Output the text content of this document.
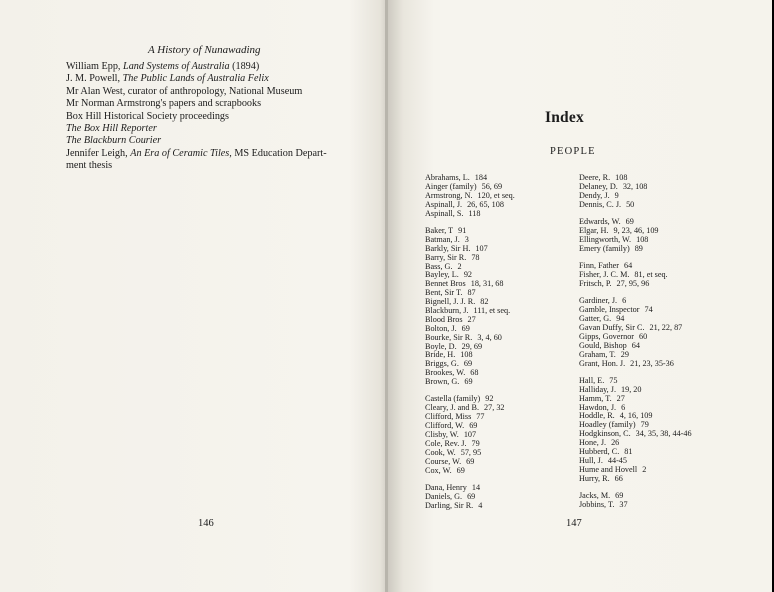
A History of Nunawading
William Epp, Land Systems of Australia (1894)
J. M. Powell, The Public Lands of Australia Felix
Mr Alan West, curator of anthropology, National Museum
Mr Norman Armstrong's papers and scrapbooks
Box Hill Historical Society proceedings
The Box Hill Reporter
The Blackburn Courier
Jennifer Leigh, An Era of Ceramic Tiles, MS Education Depart-
ment thesis
146
Index
PEOPLE
Abrahams, L. 184
Ainger (family) 56, 69
Armstrong, N. 120, et seq.
Aspinall, J. 26, 65, 108
Aspinall, S. 118
Baker, T 91
Batman, J. 3
Barkly, Sir H. 107
Barry, Sir R. 78
Bass, G. 2
Bayley, L. 92
Bennet Bros 18, 31, 68
Bent, Sir T. 87
Bignell, J. J. R. 82
Blackburn, J. 111, et seq.
Blood Bros 27
Bolton, J. 69
Bourke, Sir R. 3, 4, 60
Boyle, D. 29, 69
Bride, H. 108
Briggs, G. 69
Brookes, W. 68
Brown, G. 69
Castella (family) 92
Cleary, J. and B. 27, 32
Clifford, Miss 77
Clifford, W. 69
Clisby, W. 107
Cole, Rev. J. 79
Cook, W. 57, 95
Course, W. 69
Cox, W. 69
Dana, Henry 14
Daniels, G. 69
Darling, Sir R. 4
Deere, R. 108
Delaney, D. 32, 108
Dendy, J. 9
Dennis, C. J. 50
Edwards, W. 69
Elgar, H. 9, 23, 46, 109
Ellingworth, W. 108
Emery (family) 89
Finn, Father 64
Fisher, J. C. M. 81, et seq.
Fritsch, P. 27, 95, 96
Gardiner, J. 6
Gamble, Inspector 74
Gatter, G. 94
Gavan Duffy, Sir C. 21, 22, 87
Gipps, Governor 60
Gould, Bishop 64
Graham, T. 29
Grant, Hon. J. 21, 23, 35-36
Hall, E. 75
Halliday, J. 19, 20
Hamm, T. 27
Hawdon, J. 6
Hoddle, R. 4, 16, 109
Hoadley (family) 79
Hodgkinson, C. 34, 35, 38, 44-46
Hone, J. 26
Hubberd, C. 81
Hull, J. 44-45
Hume and Hovell 2
Hurry, R. 66
Jacks, M. 69
Jobbins, T. 37
147
